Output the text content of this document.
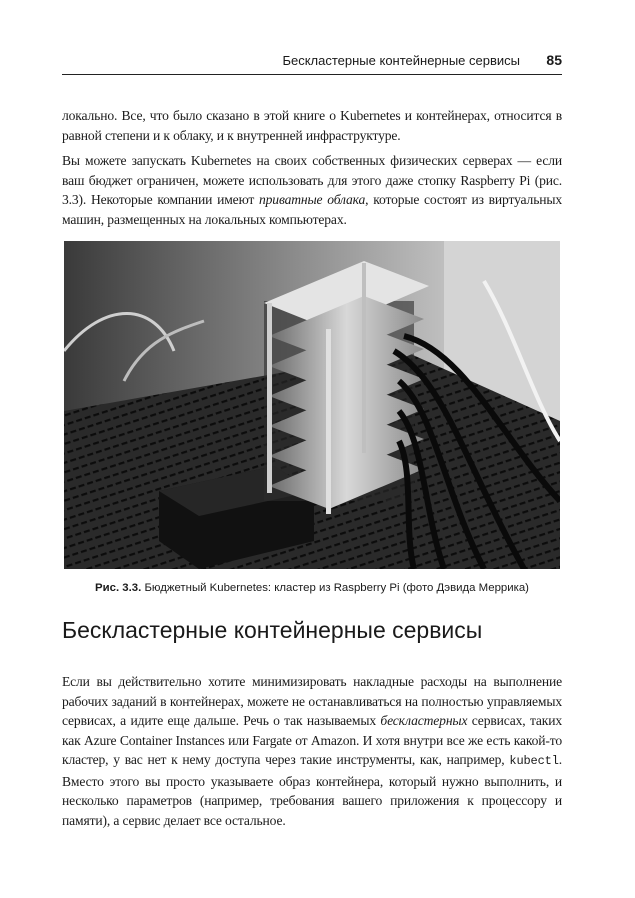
Бескластерные контейнерные сервисы 85

локально. Все, что было сказано в этой книге о Kubernetes и контейнерах, относится в равной степени и к облаку, и к внутренней инфраструктуре.

Вы можете запускать Kubernetes на своих собственных физических серверах — если ваш бюджет ограничен, можете использовать для этого даже стопку Raspberry Pi (рис. 3.3). Некоторые компании имеют приватные облака, которые состоят из виртуальных машин, размещенных на локальных компьютерах.

Рис. 3.3. Бюджетный Kubernetes: кластер из Raspberry Pi (фото Дэвида Меррика)
Бескластерные контейнерные сервисы

Если вы действительно хотите минимизировать накладные расходы на выполнение рабочих заданий в контейнерах, можете не останавливаться на полностью управляемых сервисах, а идите еще дальше. Речь о так называемых бескластерных сервисах, таких как Azure Container Instances или Fargate от Amazon. И хотя внутри все же есть какой-то кластер, у вас нет к нему доступа через такие инструменты, как, например, kubectl. Вместо этого вы просто указываете образ контейнера, который нужно выполнить, и несколько параметров (например, требования вашего приложения к процессору и памяти), а сервис делает все остальное.
